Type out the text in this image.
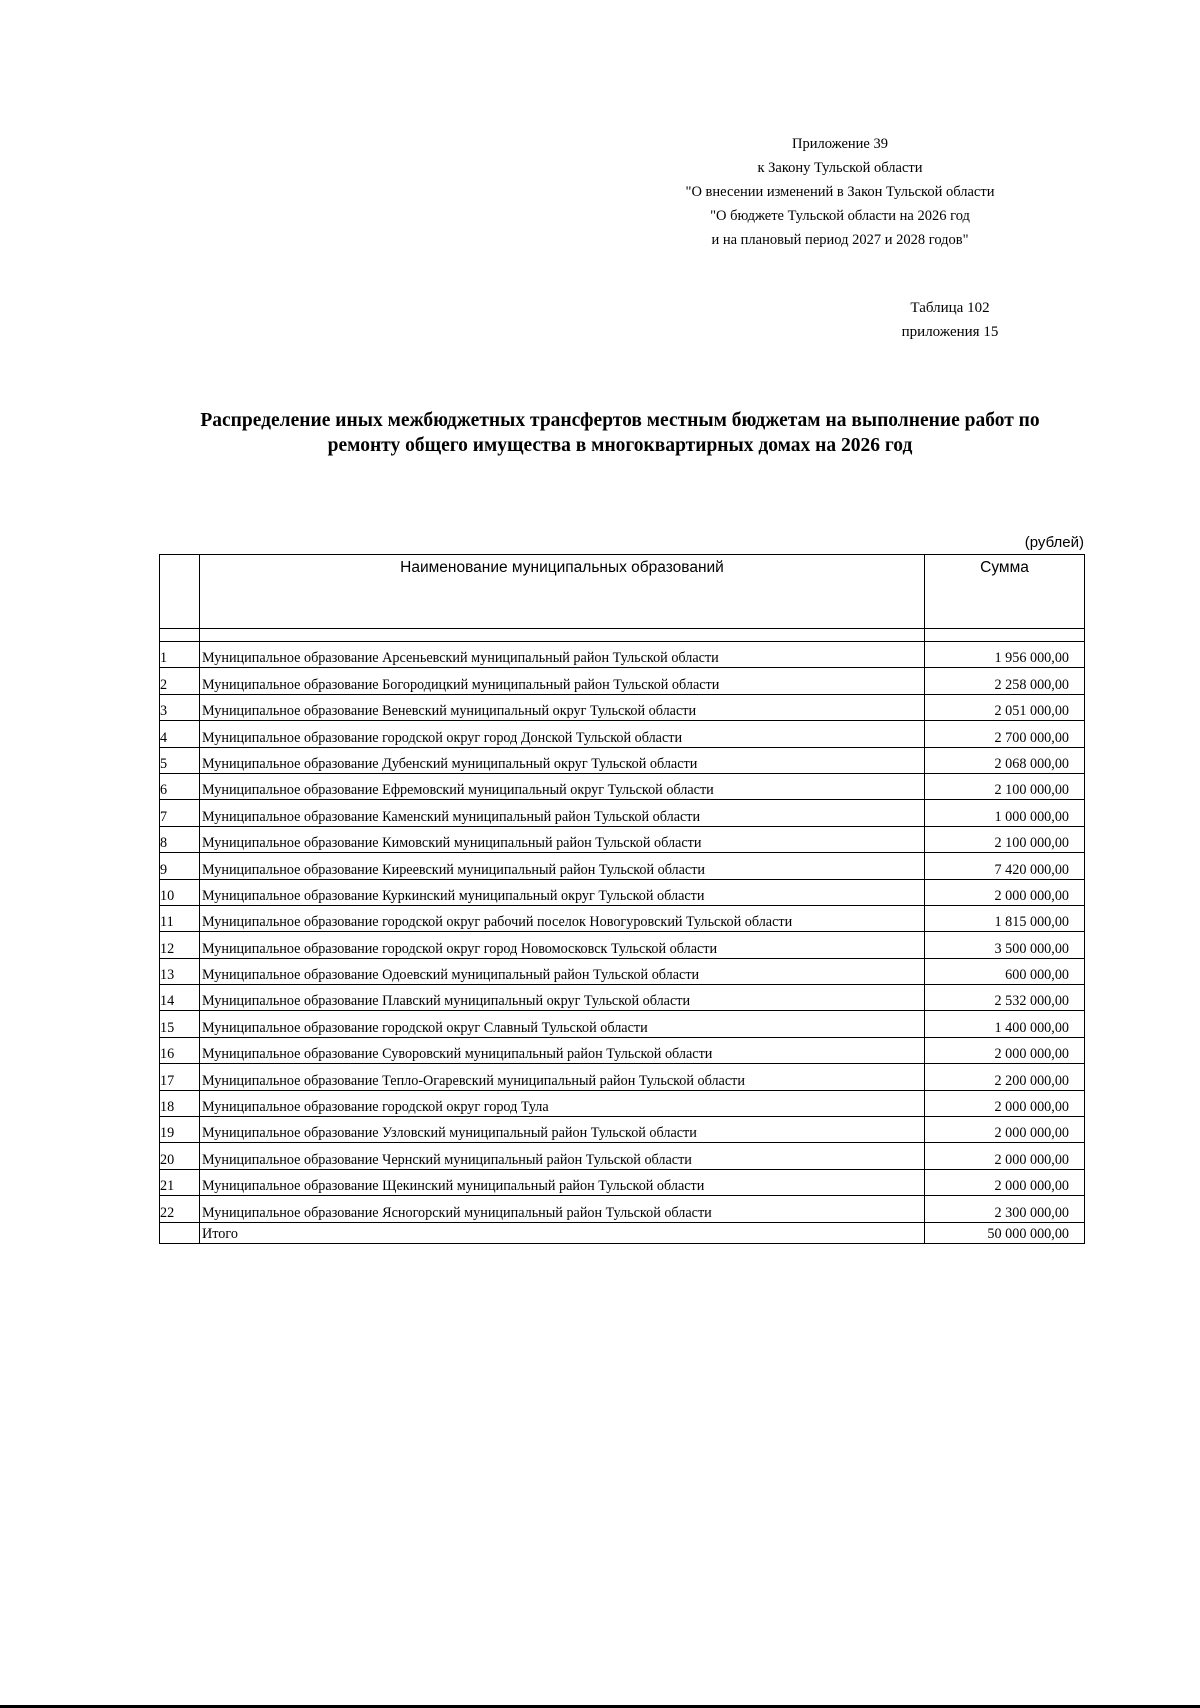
Приложение 39
к Закону Тульской области
"О внесении изменений в Закон Тульской области
"О бюджете Тульской области на 2026 год
и на плановый период 2027 и 2028 годов"
Таблица 102
приложения 15
Распределение иных межбюджетных трансфертов местным бюджетам на выполнение работ по
ремонту общего имущества в многоквартирных домах на 2026 год
(рублей)
	Наименование муниципальных образований	Сумма

1	Муниципальное образование Арсеньевский муниципальный район Тульской области	1 956 000,00
2	Муниципальное образование Богородицкий муниципальный район Тульской области	2 258 000,00
3	Муниципальное образование Веневский муниципальный округ Тульской области	2 051 000,00
4	Муниципальное образование городской округ город Донской Тульской области	2 700 000,00
5	Муниципальное образование Дубенский муниципальный округ Тульской области	2 068 000,00
6	Муниципальное образование Ефремовский муниципальный округ Тульской области	2 100 000,00
7	Муниципальное образование Каменский муниципальный район Тульской области	1 000 000,00
8	Муниципальное образование Кимовский муниципальный район Тульской области	2 100 000,00
9	Муниципальное образование Киреевский муниципальный район Тульской области	7 420 000,00
10	Муниципальное образование Куркинский муниципальный округ Тульской области	2 000 000,00
11	Муниципальное образование городской округ рабочий поселок Новогуровский Тульской области	1 815 000,00
12	Муниципальное образование городской округ город Новомосковск Тульской области	3 500 000,00
13	Муниципальное образование Одоевский муниципальный район Тульской области	600 000,00
14	Муниципальное образование Плавский муниципальный округ Тульской области	2 532 000,00
15	Муниципальное образование городской округ Славный Тульской области	1 400 000,00
16	Муниципальное образование Суворовский муниципальный район Тульской области	2 000 000,00
17	Муниципальное образование Тепло-Огаревский муниципальный район Тульской области	2 200 000,00
18	Муниципальное образование городской округ город Тула	2 000 000,00
19	Муниципальное образование Узловский муниципальный район Тульской области	2 000 000,00
20	Муниципальное образование Чернский муниципальный район Тульской области	2 000 000,00
21	Муниципальное образование Щекинский муниципальный район Тульской области	2 000 000,00
22	Муниципальное образование Ясногорский муниципальный район Тульской области	2 300 000,00
	Итого	50 000 000,00
